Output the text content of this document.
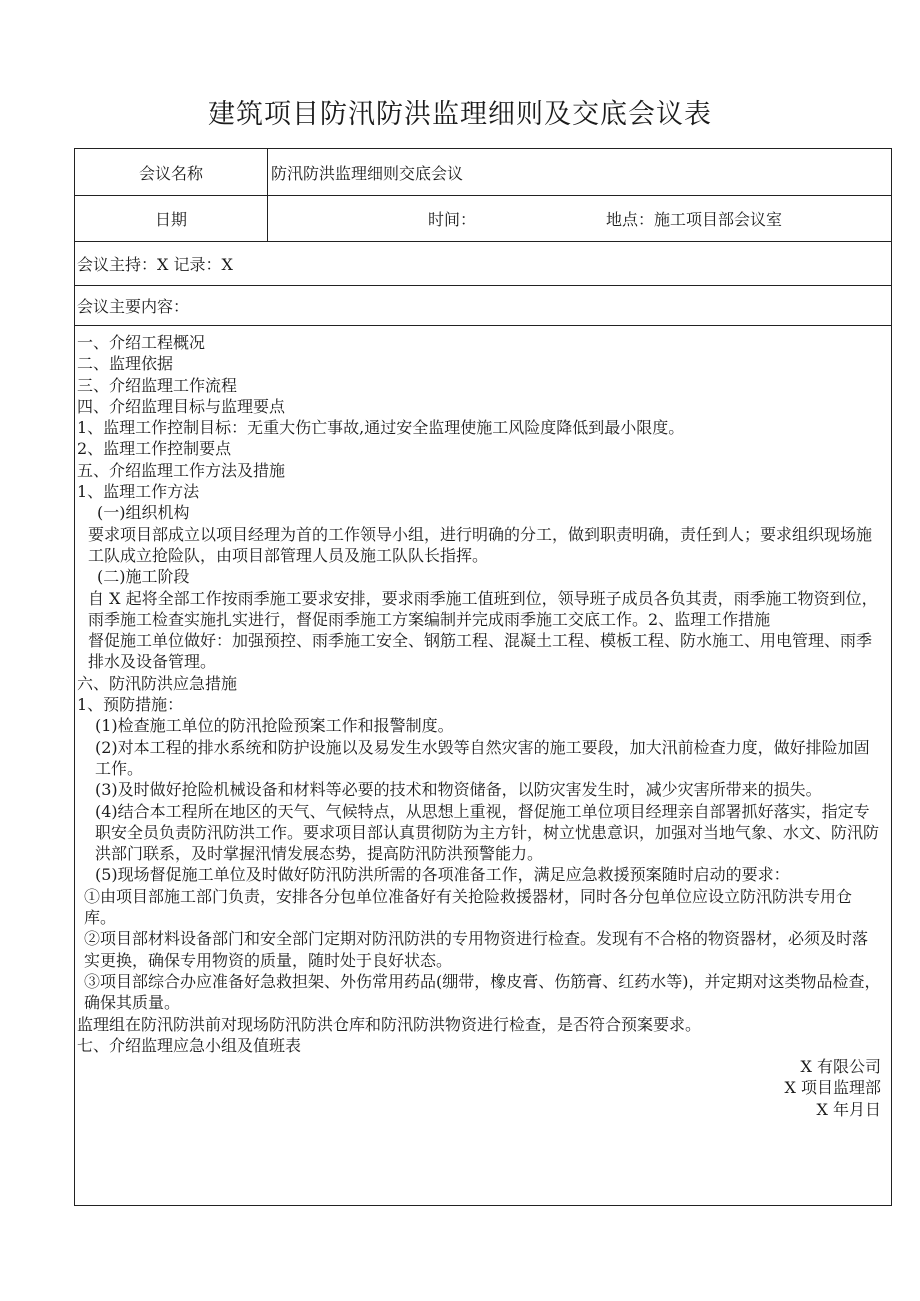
建筑项目防汛防洪监理细则及交底会议表
会议名称	防汛防洪监理细则交底会议
日期	时间：	地点：施工项目部会议室
会议主持：X 记录：X
会议主要内容：

一、介绍工程概况

二、监理依据

三、介绍监理工作流程

四、介绍监理目标与监理要点

1、监理工作控制目标：无重大伤亡事故,通过安全监理使施工风险度降低到最小限度。

2、监理工作控制要点

五、介绍监理工作方法及措施

1、监理工作方法

(一)组织机构

要求项目部成立以项目经理为首的工作领导小组，进行明确的分工，做到职责明确，责任到人；要求组织现场施工队成立抢险队，由项目部管理人员及施工队队长指挥。

(二)施工阶段

自 X 起将全部工作按雨季施工要求安排，要求雨季施工值班到位，领导班子成员各负其责，雨季施工物资到位，雨季施工检查实施扎实进行，督促雨季施工方案编制并完成雨季施工交底工作。2、监理工作措施

督促施工单位做好：加强预控、雨季施工安全、钢筋工程、混凝土工程、模板工程、防水施工、用电管理、雨季排水及设备管理。

六、防汛防洪应急措施

1、预防措施：

(1)检查施工单位的防汛抢险预案工作和报警制度。

(2)对本工程的排水系统和防护设施以及易发生水毁等自然灾害的施工要段，加大汛前检查力度，做好排险加固工作。

(3)及时做好抢险机械设备和材料等必要的技术和物资储备，以防灾害发生时，减少灾害所带来的损失。

(4)结合本工程所在地区的天气、气候特点，从思想上重视，督促施工单位项目经理亲自部署抓好落实，指定专职安全员负责防汛防洪工作。要求项目部认真贯彻防为主方针，树立忧患意识，加强对当地气象、水文、防汛防洪部门联系，及时掌握汛情发展态势，提高防汛防洪预警能力。

(5)现场督促施工单位及时做好防汛防洪所需的各项准备工作，满足应急救援预案随时启动的要求：

①由项目部施工部门负责，安排各分包单位准备好有关抢险救援器材，同时各分包单位应设立防汛防洪专用仓库。

②项目部材料设备部门和安全部门定期对防汛防洪的专用物资进行检查。发现有不合格的物资器材，必须及时落实更换，确保专用物资的质量，随时处于良好状态。

③项目部综合办应准备好急救担架、外伤常用药品(绷带，橡皮膏、伤筋膏、红药水等)，并定期对这类物品检查，确保其质量。

监理组在防汛防洪前对现场防汛防洪仓库和防汛防洪物资进行检查，是否符合预案要求。

七、介绍监理应急小组及值班表

X 有限公司

X 项目监理部

X 年月日
